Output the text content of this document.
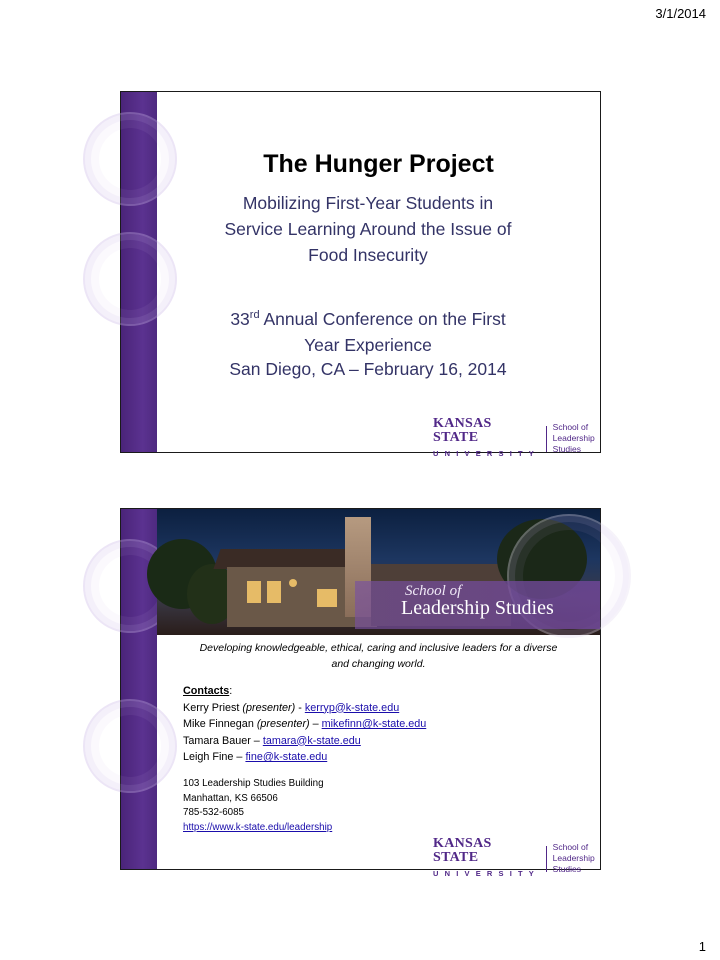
3/1/2014
The Hunger Project
Mobilizing First-Year Students in
Service Learning Around the Issue of
Food Insecurity
33rd Annual Conference on the First
Year Experience
San Diego, CA – February 16, 2014
KANSAS STATE
UNIVERSITY
School of
Leadership Studies
School of
Leadership Studies
Developing knowledgeable, ethical, caring and inclusive leaders for a diverse
and changing world.
Contacts:
Kerry Priest (presenter) - kerryp@k-state.edu
Mike Finnegan (presenter) – mikefinn@k-state.edu
Tamara Bauer – tamara@k-state.edu
Leigh Fine – fine@k-state.edu
103 Leadership Studies Building
Manhattan, KS 66506
785-532-6085
https://www.k-state.edu/leadership
KANSAS STATE
UNIVERSITY
School of
Leadership Studies
1
